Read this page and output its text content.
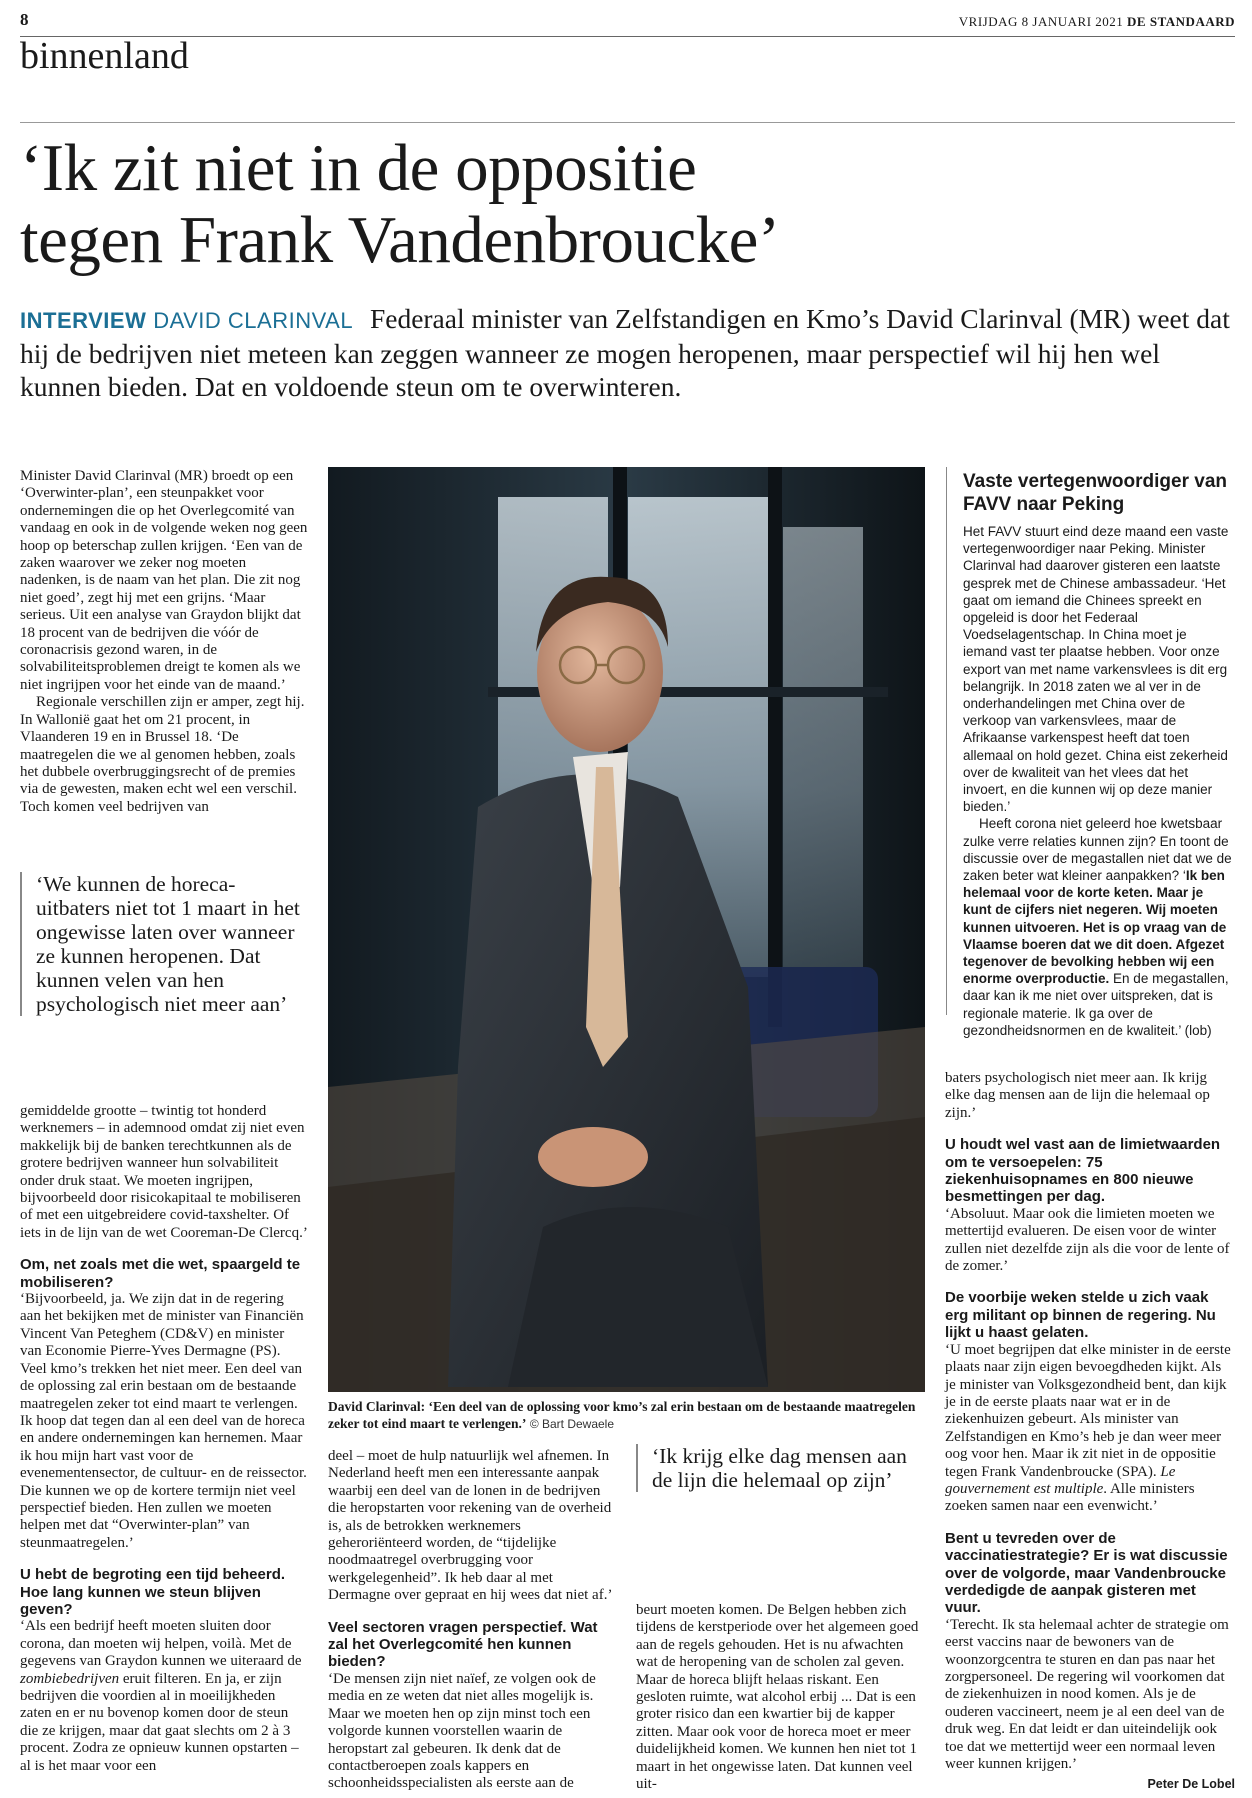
8	VRIJDAG 8 JANUARI 2021 DE STANDAARD
binnenland
‘Ik zit niet in de oppositie
tegen Frank Vandenbroucke’
INTERVIEW DAVID CLARINVAL Federaal minister van Zelfstandigen en Kmo’s David Clarinval (MR) weet dat hij de bedrijven niet meteen kan zeggen wanneer ze mogen heropenen, maar perspectief wil hij hen wel kunnen bieden. Dat en voldoende steun om te overwinteren.

Minister David Clarinval (MR) broedt op een ‘Overwinter-plan’, een steunpakket voor ondernemingen die op het Overlegcomité van vandaag en ook in de volgende weken nog geen hoop op beterschap zullen krijgen. ‘Een van de zaken waarover we zeker nog moeten nadenken, is de naam van het plan. Die zit nog niet goed’, zegt hij met een grijns. ‘Maar serieus. Uit een analyse van Graydon blijkt dat 18 procent van de bedrijven die vóór de coronacrisis gezond waren, in de solvabiliteitsproblemen dreigt te komen als we niet ingrijpen voor het einde van de maand.’

Regionale verschillen zijn er amper, zegt hij. In Wallonië gaat het om 21 procent, in Vlaanderen 19 en in Brussel 18. ‘De maatregelen die we al genomen hebben, zoals het dubbele overbruggingsrecht of de premies via de gewesten, maken echt wel een verschil. Toch komen veel bedrijven van

‘We kunnen de horeca-uitbaters niet tot 1 maart in het ongewisse laten over wanneer ze kunnen heropenen. Dat kunnen velen van hen psychologisch niet meer aan’

gemiddelde grootte – twintig tot honderd werknemers – in ademnood omdat zij niet even makkelijk bij de banken terechtkunnen als de grotere bedrijven wanneer hun solvabiliteit onder druk staat. We moeten ingrijpen, bijvoorbeeld door risicokapitaal te mobiliseren of met een uitgebreidere covid-taxshelter. Of iets in de lijn van de wet Cooreman-De Clercq.’

Om, net zoals met die wet, spaargeld te mobiliseren?

‘Bijvoorbeeld, ja. We zijn dat in de regering aan het bekijken met de minister van Financiën Vincent Van Peteghem (CD&V) en minister van Economie Pierre-Yves Dermagne (PS). Veel kmo’s trekken het niet meer. Een deel van de oplossing zal erin bestaan om de bestaande maatregelen zeker tot eind maart te verlengen. Ik hoop dat tegen dan al een deel van de horeca en andere ondernemingen kan hernemen. Maar ik hou mijn hart vast voor de evenementensector, de cultuur- en de reissector. Die kunnen we op de kortere termijn niet veel perspectief bieden. Hen zullen we moeten helpen met dat “Overwinter-plan” van steunmaatregelen.’

U hebt de begroting een tijd beheerd. Hoe lang kunnen we steun blijven geven?

‘Als een bedrijf heeft moeten sluiten door corona, dan moeten wij helpen, voilà. Met de gegevens van Graydon kunnen we uiteraard de zombiebedrijven eruit filteren. En ja, er zijn bedrijven die voordien al in moeilijkheden zaten en er nu bovenop komen door de steun die ze krijgen, maar dat gaat slechts om 2 à 3 procent. Zodra ze opnieuw kunnen opstarten – al is het maar voor een

David Clarinval: ‘Een deel van de oplossing voor kmo’s zal erin bestaan om de bestaande maatregelen zeker tot eind maart te verlengen.’ © Bart Dewaele

deel – moet de hulp natuurlijk wel afnemen. In Nederland heeft men een interessante aanpak waarbij een deel van de lonen in de bedrijven die heropstarten voor rekening van de overheid is, als de betrokken werknemers geheroriënteerd worden, de “tijdelijke noodmaatregel overbrugging voor werkgelegenheid”. Ik heb daar al met Dermagne over gepraat en hij wees dat niet af.’

Veel sectoren vragen perspectief. Wat zal het Overlegcomité hen kunnen bieden?

‘De mensen zijn niet naïef, ze volgen ook de media en ze weten dat niet alles mogelijk is. Maar we moeten hen op zijn minst toch een volgorde kunnen voorstellen waarin de heropstart zal gebeuren. Ik denk dat de contactberoepen zoals kappers en schoonheidsspecialisten als eerste aan de

‘Ik krijg elke dag mensen aan de lijn die helemaal op zijn’

beurt moeten komen. De Belgen hebben zich tijdens de kerstperiode over het algemeen goed aan de regels gehouden. Het is nu afwachten wat de heropening van de scholen zal geven. Maar de horeca blijft helaas riskant. Een gesloten ruimte, wat alcohol erbij ... Dat is een groter risico dan een kwartier bij de kapper zitten. Maar ook voor de horeca moet er meer duidelijkheid komen. We kunnen hen niet tot 1 maart in het ongewisse laten. Dat kunnen veel uit-

Vaste vertegenwoordiger van FAVV naar Peking

Het FAVV stuurt eind deze maand een vaste vertegenwoordiger naar Peking. Minister Clarinval had daarover gisteren een laatste gesprek met de Chinese ambassadeur. ‘Het gaat om iemand die Chinees spreekt en opgeleid is door het Federaal Voedselagentschap. In China moet je iemand vast ter plaatse hebben. Voor onze export van met name varkensvlees is dit erg belangrijk. In 2018 zaten we al ver in de onderhandelingen met China over de verkoop van varkensvlees, maar de Afrikaanse varkenspest heeft dat toen allemaal on hold gezet. China eist zekerheid over de kwaliteit van het vlees dat het invoert, en die kunnen wij op deze manier bieden.’

Heeft corona niet geleerd hoe kwetsbaar zulke verre relaties kunnen zijn? En toont de discussie over de megastallen niet dat we de zaken beter wat kleiner aanpakken? ‘Ik ben helemaal voor de korte keten. Maar je kunt de cijfers niet negeren. Wij moeten kunnen uitvoeren. Het is op vraag van de Vlaamse boeren dat we dit doen. Afgezet tegenover de bevolking hebben wij een enorme overproductie. En de megastallen, daar kan ik me niet over uitspreken, dat is regionale materie. Ik ga over de gezondheidsnormen en de kwaliteit.’ (lob)

baters psychologisch niet meer aan. Ik krijg elke dag mensen aan de lijn die helemaal op zijn.’

U houdt wel vast aan de limietwaarden om te versoepelen: 75 ziekenhuisopnames en 800 nieuwe besmettingen per dag.

‘Absoluut. Maar ook die limieten moeten we mettertijd evalueren. De eisen voor de winter zullen niet dezelfde zijn als die voor de lente of de zomer.’

De voorbije weken stelde u zich vaak erg militant op binnen de regering. Nu lijkt u haast gelaten.

‘U moet begrijpen dat elke minister in de eerste plaats naar zijn eigen bevoegdheden kijkt. Als je minister van Volksgezondheid bent, dan kijk je in de eerste plaats naar wat er in de ziekenhuizen gebeurt. Als minister van Zelfstandigen en Kmo’s heb je dan weer meer oog voor hen. Maar ik zit niet in de oppositie tegen Frank Vandenbroucke (SPA). Le gouvernement est multiple. Alle ministers zoeken samen naar een evenwicht.’

Bent u tevreden over de vaccinatiestrategie? Er is wat discussie over de volgorde, maar Vandenbroucke verdedigde de aanpak gisteren met vuur.

‘Terecht. Ik sta helemaal achter de strategie om eerst vaccins naar de bewoners van de woonzorgcentra te sturen en dan pas naar het zorgpersoneel. De regering wil voorkomen dat de ziekenhuizen in nood komen. Als je de ouderen vaccineert, neem je al een deel van de druk weg. En dat leidt er dan uiteindelijk ook toe dat we mettertijd weer een normaal leven weer kunnen krijgen.’

Peter De Lobel
